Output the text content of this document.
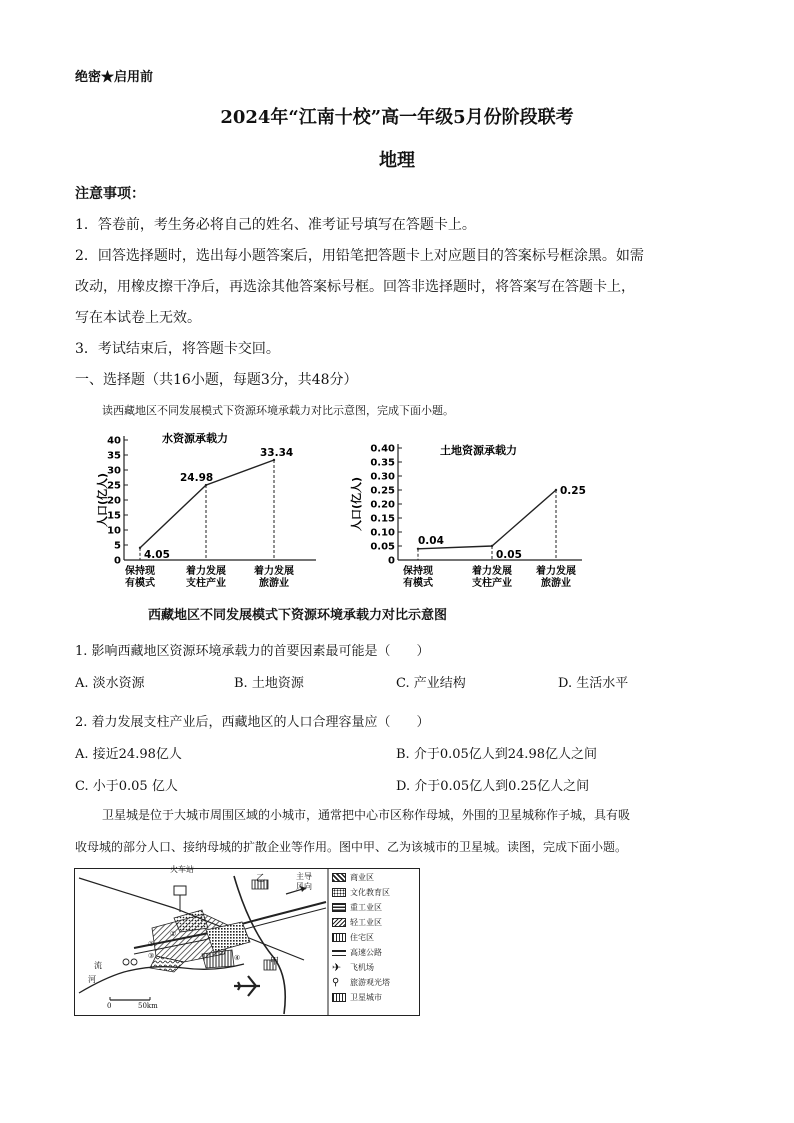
绝密★启用前
2024年“江南十校”高一年级5月份阶段联考
地理
注意事项：
1．答卷前，考生务必将自己的姓名、准考证号填写在答题卡上。
2．回答选择题时，选出每小题答案后，用铅笔把答题卡上对应题目的答案标号框涂黑。如需
改动，用橡皮擦干净后，再选涂其他答案标号框。回答非选择题时，将答案写在答题卡上，
写在本试卷上无效。
3．考试结束后，将答题卡交回。
一、选择题（共16小题，每题3分，共48分）
读西藏地区不同发展模式下资源环境承载力对比示意图，完成下面小题。
水资源承载力
0
5
10
15
20
25
30
35
40
人口(亿人)
4.05
24.98
33.34
保持现
有模式
着力发展
支柱产业
着力发展
旅游业
土地资源承载力
0
0.05
0.10
0.15
0.20
0.25
0.30
0.35
0.40
人口(亿人)
0.04
0.05
0.25
保持现
有模式
着力发展
支柱产业
着力发展
旅游业
西藏地区不同发展模式下资源环境承载力对比示意图
1. 影响西藏地区资源环境承载力的首要因素最可能是（　　）
A. 淡水资源	B. 土地资源	C. 产业结构	D. 生活水平
2. 着力发展支柱产业后，西藏地区的人口合理容量应（　　）
A. 接近24.98亿人	B. 介于0.05亿人到24.98亿人之间
C. 小于0.05 亿人	D. 介于0.05亿人到0.25亿人之间
卫星城是位于大城市周围区域的小城市，通常把中心市区称作母城，外围的卫星城称作子城，具有吸
收母城的部分人口、接纳母城的扩散企业等作用。图中甲、乙为该城市的卫星城。读图，完成下面小题。
火车站
乙
甲
主导
风向
河
流
0	50km
①
②
③	④
商业区
文化教育区
重工业区
轻工业区
住宅区
高速公路
✈	飞机场
⚲	旅游观光塔
卫星城市
